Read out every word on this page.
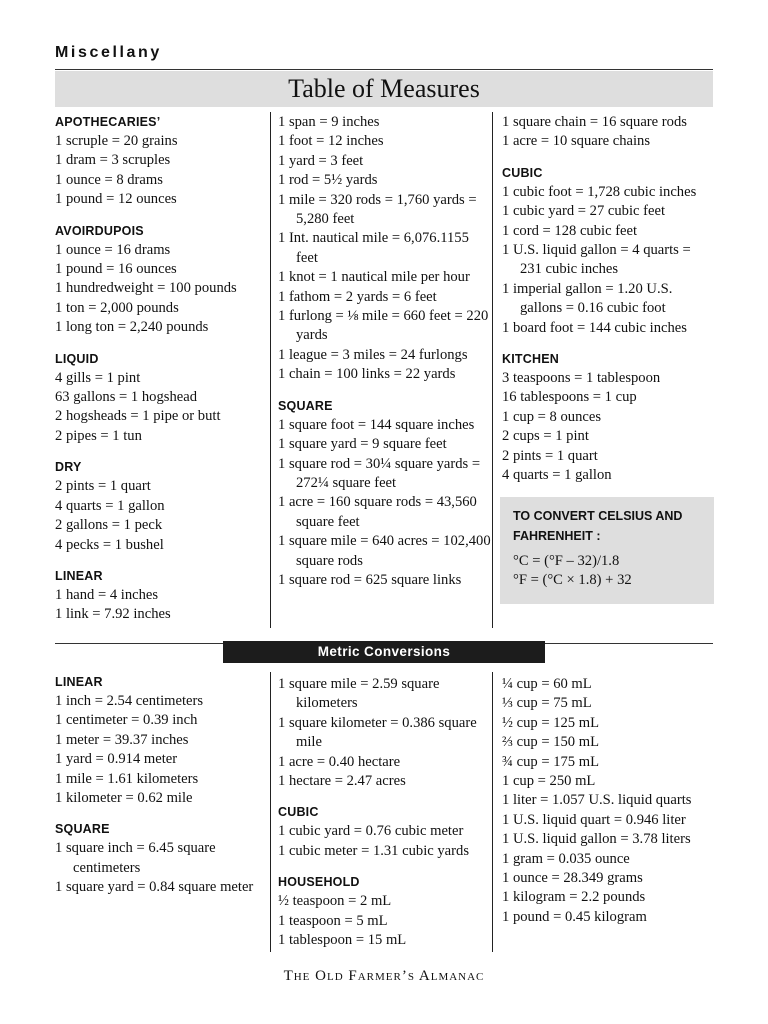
Miscellany
Table of Measures
APOTHECARIES’
1 scruple = 20 grains
1 dram = 3 scruples
1 ounce = 8 drams
1 pound = 12 ounces
AVOIRDUPOIS
1 ounce = 16 drams
1 pound = 16 ounces
1 hundredweight = 100 pounds
1 ton = 2,000 pounds
1 long ton = 2,240 pounds
LIQUID
4 gills = 1 pint
63 gallons = 1 hogshead
2 hogsheads = 1 pipe or butt
2 pipes = 1 tun
DRY
2 pints = 1 quart
4 quarts = 1 gallon
2 gallons = 1 peck
4 pecks = 1 bushel
LINEAR
1 hand = 4 inches
1 link = 7.92 inches
1 span = 9 inches
1 foot = 12 inches
1 yard = 3 feet
1 rod = 5½ yards
1 mile = 320 rods = 1,760 yards = 5,280 feet
1 Int. nautical mile = 6,076.1155 feet
1 knot = 1 nautical mile per hour
1 fathom = 2 yards = 6 feet
1 furlong = ⅛ mile = 660 feet = 220 yards
1 league = 3 miles = 24 furlongs
1 chain = 100 links = 22 yards
SQUARE
1 square foot = 144 square inches
1 square yard = 9 square feet
1 square rod = 30¼ square yards = 272¼ square feet
1 acre = 160 square rods = 43,560 square feet
1 square mile = 640 acres = 102,400 square rods
1 square rod = 625 square links
1 square chain = 16 square rods
1 acre = 10 square chains
CUBIC
1 cubic foot = 1,728 cubic inches
1 cubic yard = 27 cubic feet
1 cord = 128 cubic feet
1 U.S. liquid gallon = 4 quarts = 231 cubic inches
1 imperial gallon = 1.20 U.S. gallons = 0.16 cubic foot
1 board foot = 144 cubic inches
KITCHEN
3 teaspoons = 1 tablespoon
16 tablespoons = 1 cup
1 cup = 8 ounces
2 cups = 1 pint
2 pints = 1 quart
4 quarts = 1 gallon
TO CONVERT CELSIUS AND FAHRENHEIT :
°C = (°F – 32)/1.8
°F = (°C × 1.8) + 32
Metric Conversions
LINEAR
1 inch = 2.54 centimeters
1 centimeter = 0.39 inch
1 meter = 39.37 inches
1 yard = 0.914 meter
1 mile = 1.61 kilometers
1 kilometer = 0.62 mile
SQUARE
1 square inch = 6.45 square centimeters
1 square yard = 0.84 square meter
1 square mile = 2.59 square kilometers
1 square kilometer = 0.386 square mile
1 acre = 0.40 hectare
1 hectare = 2.47 acres
CUBIC
1 cubic yard = 0.76 cubic meter
1 cubic meter = 1.31 cubic yards
HOUSEHOLD
½ teaspoon = 2 mL
1 teaspoon = 5 mL
1 tablespoon = 15 mL
¼ cup = 60 mL
⅓ cup = 75 mL
½ cup = 125 mL
⅔ cup = 150 mL
¾ cup = 175 mL
1 cup = 250 mL
1 liter = 1.057 U.S. liquid quarts
1 U.S. liquid quart = 0.946 liter
1 U.S. liquid gallon = 3.78 liters
1 gram = 0.035 ounce
1 ounce = 28.349 grams
1 kilogram = 2.2 pounds
1 pound = 0.45 kilogram
The Old Farmer’s Almanac
